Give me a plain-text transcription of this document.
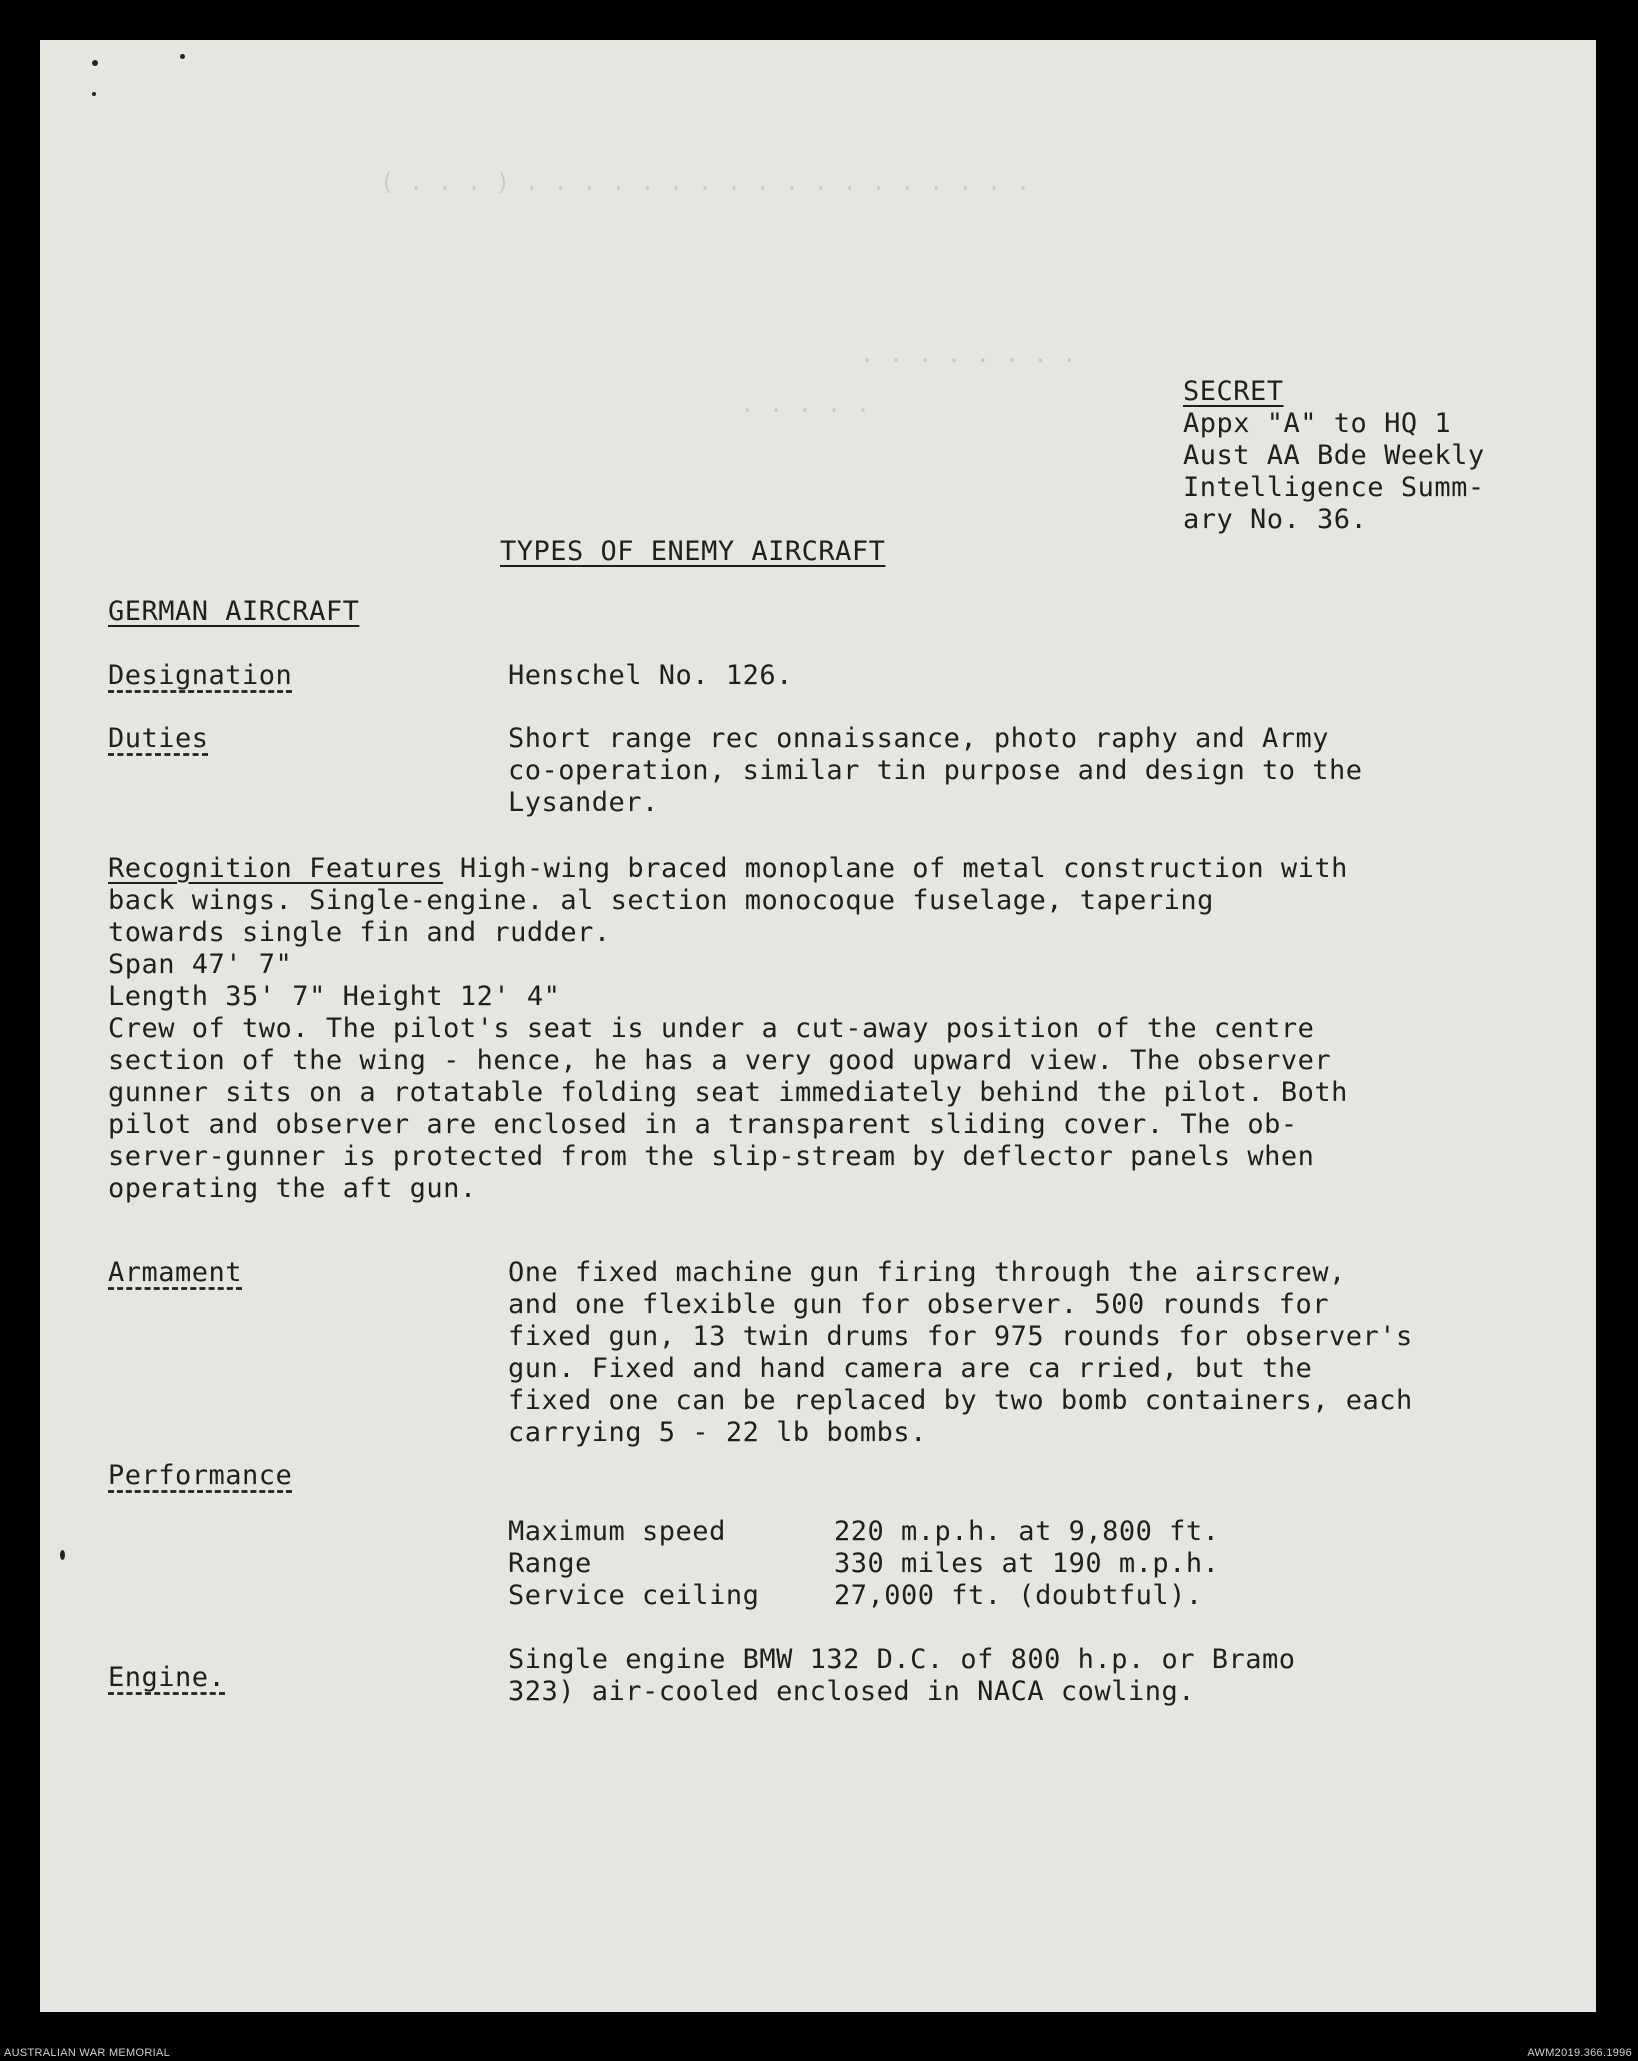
( . . . ) . . . . . . . . . . . . . . . . . .
. . . . . . . .
. . . . .	SECRET
Appx "A" to HQ 1
Aust AA Bde Weekly
Intelligence Summ-
ary No. 36.
TYPES OF ENEMY AIRCRAFT
GERMAN AIRCRAFT
Designation	Henschel No. 126.
Duties	Short range rec onnaissance, photo raphy and Army
co-operation, similar tin purpose and design to the
Lysander.
Recognition Features High-wing braced monoplane of metal construction with
back wings. Single-engine. al section monocoque fuselage, tapering
towards single fin and rudder.
Span 47' 7"
Length 35' 7" Height 12' 4"
Crew of two. The pilot's seat is under a cut-away position of the centre
section of the wing - hence, he has a very good upward view. The observer
gunner sits on a rotatable folding seat immediately behind the pilot. Both
pilot and observer are enclosed in a transparent sliding cover. The ob-
server-gunner is protected from the slip-stream by deflector panels when
operating the aft gun.
Armament	One fixed machine gun firing through the airscrew,
and one flexible gun for observer. 500 rounds for
fixed gun, 13 twin drums for 975 rounds for observer's
gun. Fixed and hand camera are ca rried, but the
fixed one can be replaced by two bomb containers, each
carrying 5 - 22 lb bombs.
Performance
Maximum speed	220 m.p.h. at 9,800 ft.
Range	330 miles at 190 m.p.h.
Service ceiling	27,000 ft. (doubtful).
Engine.
Single engine BMW 132 D.C. of 800 h.p. or Bramo
323) air-cooled enclosed in NACA cowling.
AUSTRALIAN WAR MEMORIAL	AWM2019.366.1996
